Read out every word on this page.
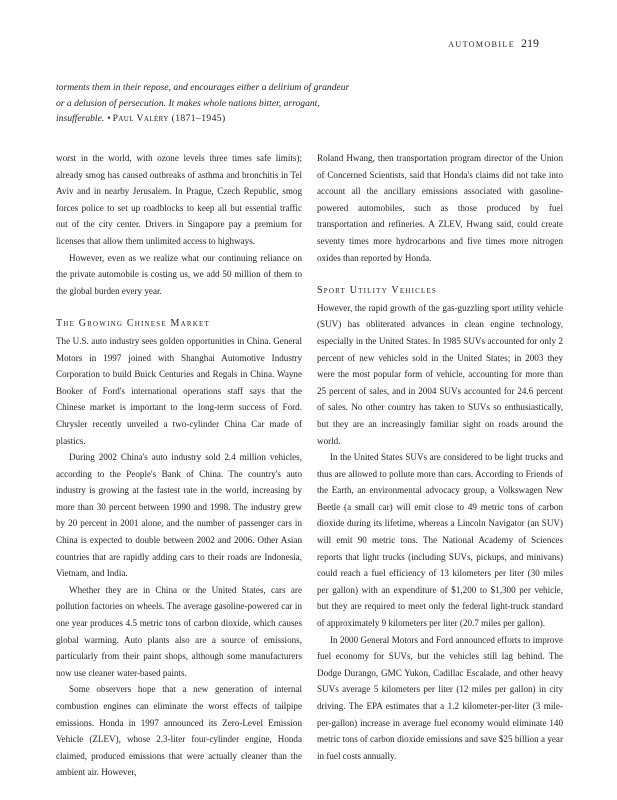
automobile 219
torments them in their repose, and encourages either a delirium of grandeur
or a delusion of persecution. It makes whole nations bitter, arrogant,
insufferable. • Paul Valéry (1871–1945)

worst in the world, with ozone levels three times safe limits); already smog has caused outbreaks of asthma and bronchitis in Tel Aviv and in nearby Jerusalem. In Prague, Czech Republic, smog forces police to set up roadblocks to keep all but essential traffic out of the city center. Drivers in Singapore pay a premium for licenses that allow them unlimited access to highways.

However, even as we realize what our continuing reliance on the private automobile is costing us, we add 50 million of them to the global burden every year.

The Growing Chinese Market

The U.S. auto industry sees golden opportunities in China. General Motors in 1997 joined with Shanghai Automotive Industry Corporation to build Buick Centuries and Regals in China. Wayne Booker of Ford's international operations staff says that the Chinese market is important to the long-term success of Ford. Chrysler recently unveiled a two-cylinder China Car made of plastics.

During 2002 China's auto industry sold 2.4 million vehicles, according to the People's Bank of China. The country's auto industry is growing at the fastest rate in the world, increasing by more than 30 percent between 1990 and 1998. The industry grew by 20 percent in 2001 alone, and the number of passenger cars in China is expected to double between 2002 and 2006. Other Asian countries that are rapidly adding cars to their roads are Indonesia, Vietnam, and India.

Whether they are in China or the United States, cars are pollution factories on wheels. The average gasoline-powered car in one year produces 4.5 metric tons of carbon dioxide, which causes global warming. Auto plants also are a source of emissions, particularly from their paint shops, although some manufacturers now use cleaner water-based paints.

Some observers hope that a new generation of internal combustion engines can eliminate the worst effects of tailpipe emissions. Honda in 1997 announced its Zero-Level Emission Vehicle (ZLEV), whose 2.3-liter four-cylinder engine, Honda claimed, produced emissions that were actually cleaner than the ambient air. However,

Roland Hwang, then transportation program director of the Union of Concerned Scientists, said that Honda's claims did not take into account all the ancillary emissions associated with gasoline-powered automobiles, such as those produced by fuel transportation and refineries. A ZLEV, Hwang said, could create seventy times more hydrocarbons and five times more nitrogen oxides than reported by Honda.

Sport Utility Vehicles

However, the rapid growth of the gas-guzzling sport utility vehicle (SUV) has obliterated advances in clean engine technology, especially in the United States. In 1985 SUVs accounted for only 2 percent of new vehicles sold in the United States; in 2003 they were the most popular form of vehicle, accounting for more than 25 percent of sales, and in 2004 SUVs accounted for 24.6 percent of sales. No other country has taken to SUVs so enthusiastically, but they are an increasingly familiar sight on roads around the world.

In the United States SUVs are considered to be light trucks and thus are allowed to pollute more than cars. According to Friends of the Earth, an environmental advocacy group, a Volkswagen New Beetle (a small car) will emit close to 49 metric tons of carbon dioxide during its lifetime, whereas a Lincoln Navigator (an SUV) will emit 90 metric tons. The National Academy of Sciences reports that light trucks (including SUVs, pickups, and minivans) could reach a fuel efficiency of 13 kilometers per liter (30 miles per gallon) with an expenditure of $1,200 to $1,300 per vehicle, but they are required to meet only the federal light-truck standard of approximately 9 kilometers per liter (20.7 miles per gallon).

In 2000 General Motors and Ford announced efforts to improve fuel economy for SUVs, but the vehicles still lag behind. The Dodge Durango, GMC Yukon, Cadillac Escalade, and other heavy SUVs average 5 kilometers per liter (12 miles per gallon) in city driving. The EPA estimates that a 1.2 kilometer-per-liter (3 mile-per-gallon) increase in average fuel economy would eliminate 140 metric tons of carbon dioxide emissions and save $25 billion a year in fuel costs annually.
